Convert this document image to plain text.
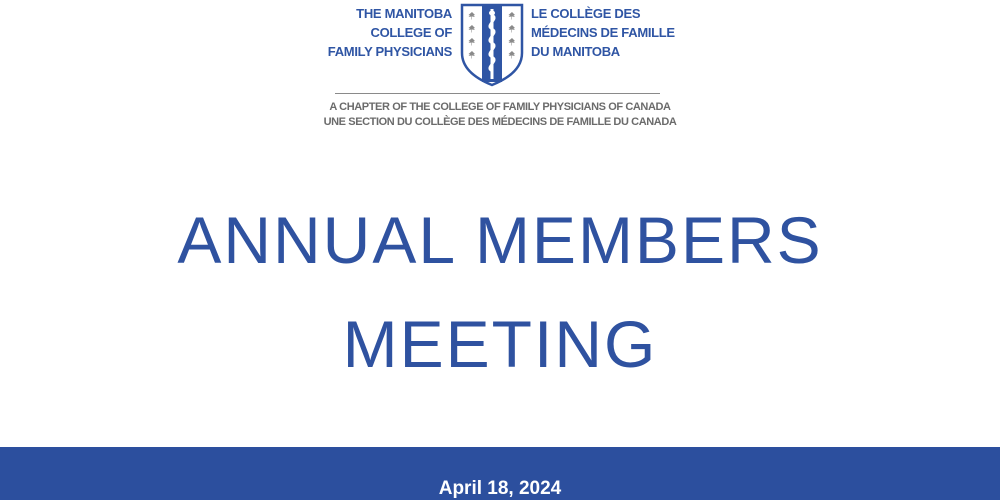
THE MANITOBA
COLLEGE OF
FAMILY PHYSICIANS
LE COLLÈGE DES
MÉDECINS DE FAMILLE
DU MANITOBA
A CHAPTER OF THE COLLEGE OF FAMILY PHYSICIANS OF CANADA
UNE SECTION DU COLLÈGE DES MÉDECINS DE FAMILLE DU CANADA
ANNUAL MEMBERS
MEETING
April 18, 2024
